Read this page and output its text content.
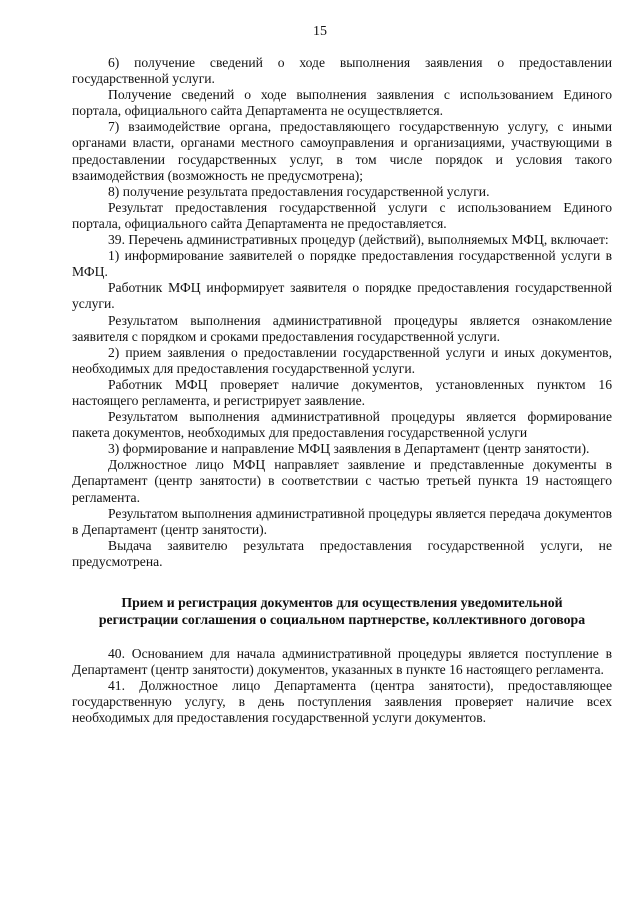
15

6) получение сведений о ходе выполнения заявления о предоставлении государственной услуги.

Получение сведений о ходе выполнения заявления с использованием Единого портала, официального сайта Департамента не осуществляется.

7) взаимодействие органа, предоставляющего государственную услугу, с иными органами власти, органами местного самоуправления и организациями, участвующими в предоставлении государственных услуг, в том числе порядок и условия такого взаимодействия (возможность не предусмотрена);

8) получение результата предоставления государственной услуги.

Результат предоставления государственной услуги с использованием Единого портала, официального сайта Департамента не предоставляется.

39. Перечень административных процедур (действий), выполняемых МФЦ, включает:

1) информирование заявителей о порядке предоставления государственной услуги в МФЦ.

Работник МФЦ информирует заявителя о порядке предоставления государственной услуги.

Результатом выполнения административной процедуры является ознакомление заявителя с порядком и сроками предоставления государственной услуги.

2) прием заявления о предоставлении государственной услуги и иных документов, необходимых для предоставления государственной услуги.

Работник МФЦ проверяет наличие документов, установленных пунктом 16 настоящего регламента, и регистрирует заявление.

Результатом выполнения административной процедуры является формирование пакета документов, необходимых для предоставления государственной услуги

3) формирование и направление МФЦ заявления в Департамент (центр занятости).

Должностное лицо МФЦ направляет заявление и представленные документы в Департамент (центр занятости) в соответствии с частью третьей пункта 19 настоящего регламента.

Результатом выполнения административной процедуры является передача документов в Департамент (центр занятости).

Выдача заявителю результата предоставления государственной услуги, не предусмотрена.

Прием и регистрация документов для осуществления уведомительной регистрации соглашения о социальном партнерстве, коллективного договора

40. Основанием для начала административной процедуры является поступление в Департамент (центр занятости) документов, указанных в пункте 16 настоящего регламента.

41. Должностное лицо Департамента (центра занятости), предоставляющее государственную услугу, в день поступления заявления проверяет наличие всех необходимых для предоставления государственной услуги документов.
